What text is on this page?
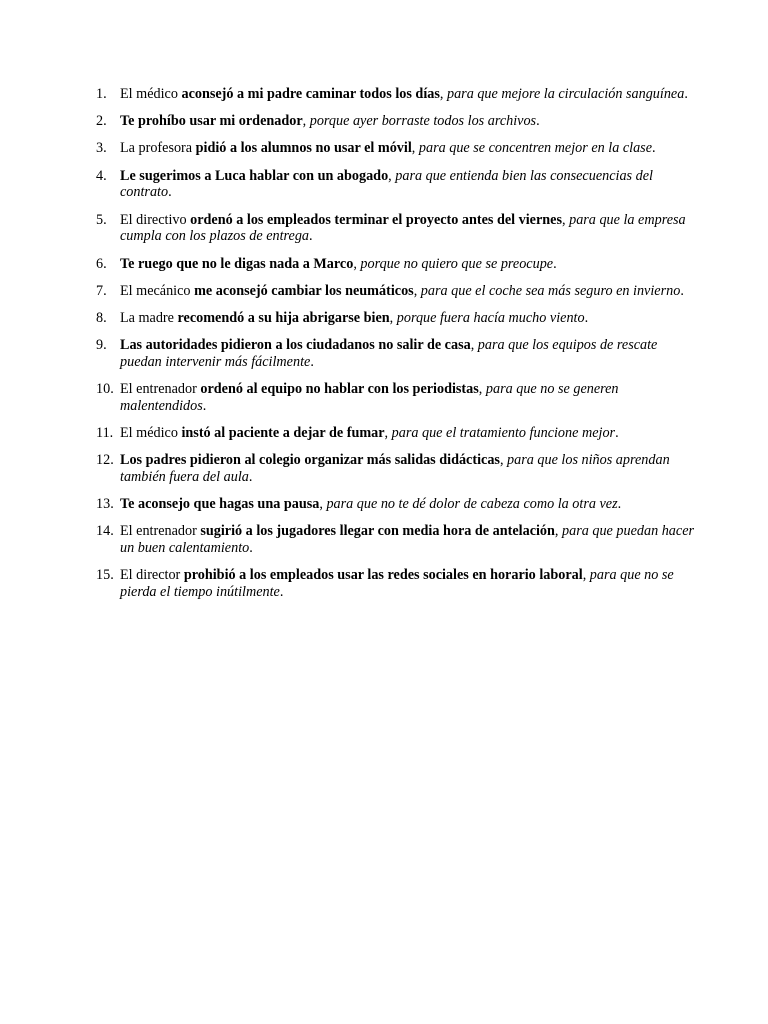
1. El médico aconsejó a mi padre caminar todos los días, para que mejore la circulación sanguínea.
2. Te prohíbo usar mi ordenador, porque ayer borraste todos los archivos.
3. La profesora pidió a los alumnos no usar el móvil, para que se concentren mejor en la clase.
4. Le sugerimos a Luca hablar con un abogado, para que entienda bien las consecuencias del contrato.
5. El directivo ordenó a los empleados terminar el proyecto antes del viernes, para que la empresa cumpla con los plazos de entrega.
6. Te ruego que no le digas nada a Marco, porque no quiero que se preocupe.
7. El mecánico me aconsejó cambiar los neumáticos, para que el coche sea más seguro en invierno.
8. La madre recomendó a su hija abrigarse bien, porque fuera hacía mucho viento.
9. Las autoridades pidieron a los ciudadanos no salir de casa, para que los equipos de rescate puedan intervenir más fácilmente.
10. El entrenador ordenó al equipo no hablar con los periodistas, para que no se generen malentendidos.
11. El médico instó al paciente a dejar de fumar, para que el tratamiento funcione mejor.
12. Los padres pidieron al colegio organizar más salidas didácticas, para que los niños aprendan también fuera del aula.
13. Te aconsejo que hagas una pausa, para que no te dé dolor de cabeza como la otra vez.
14. El entrenador sugirió a los jugadores llegar con media hora de antelación, para que puedan hacer un buen calentamiento.
15. El director prohibió a los empleados usar las redes sociales en horario laboral, para que no se pierda el tiempo inútilmente.
